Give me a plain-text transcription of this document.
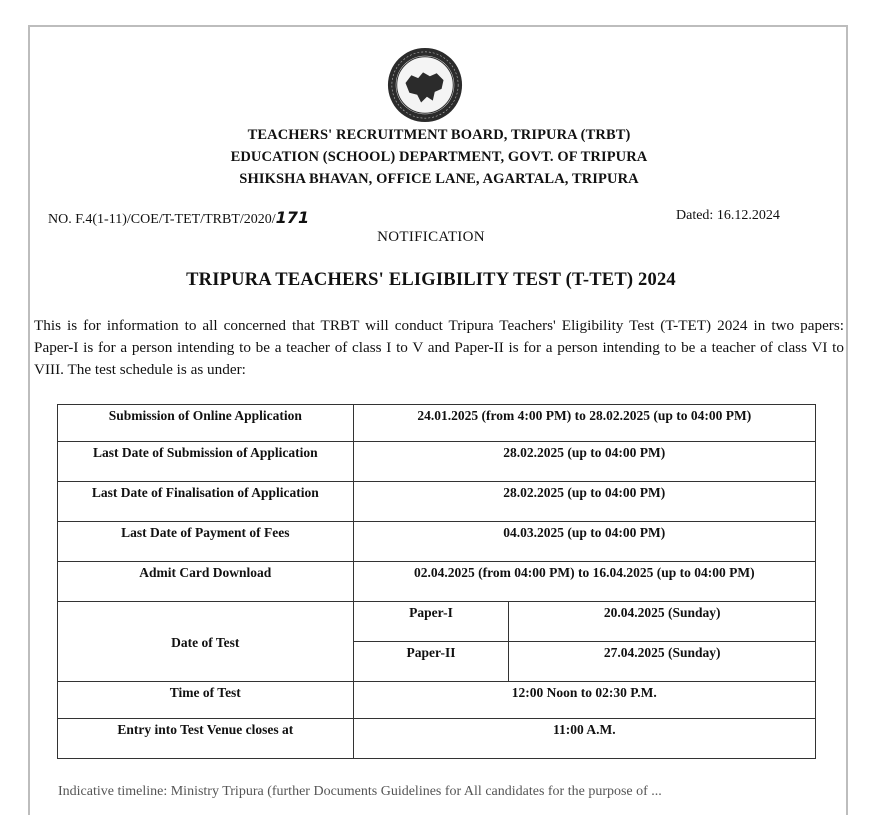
TEACHERS' RECRUITMENT BOARD, TRIPURA (TRBT)
EDUCATION (SCHOOL) DEPARTMENT, GOVT. OF TRIPURA
SHIKSHA BHAVAN, OFFICE LANE, AGARTALA, TRIPURA
NO. F.4(1-11)/COE/T-TET/TRBT/2020/171	Dated: 16.12.2024
NOTIFICATION
TRIPURA TEACHERS' ELIGIBILITY TEST (T-TET) 2024
This is for information to all concerned that TRBT will conduct Tripura Teachers' Eligibility Test (T-TET) 2024 in two papers: Paper-I is for a person intending to be a teacher of class I to V and Paper-II is for a person intending to be a teacher of class VI to VIII. The test schedule is as under:
Submission of Online Application	24.01.2025 (from 4:00 PM) to 28.02.2025 (up to 04:00 PM)	
Last Date of Submission of Application	28.02.2025 (up to 04:00 PM)	
Last Date of Finalisation of Application	28.02.2025 (up to 04:00 PM)	
Last Date of Payment of Fees	04.03.2025 (up to 04:00 PM)	
Admit Card Download	02.04.2025 (from 04:00 PM) to 16.04.2025 (up to 04:00 PM)	
Date of Test	Paper-I	20.04.2025 (Sunday)
	Paper-II	27.04.2025 (Sunday)
Time of Test	12:00 Noon to 02:30 P.M.	
Entry into Test Venue closes at	11:00 A.M.	
Indicative timeline: Ministry Tripura (further Documents Guidelines for All candidates for the purpose of ...
